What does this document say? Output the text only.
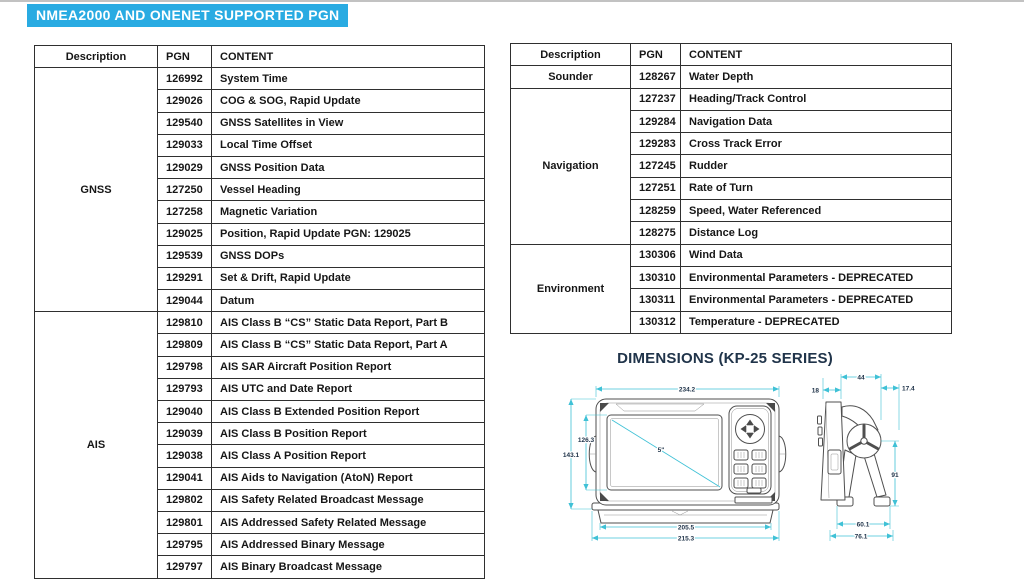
NMEA2000 AND ONENET SUPPORTED PGN
Description	PGN	CONTENT
GNSS	126992	System Time
	129026	COG & SOG, Rapid Update
	129540	GNSS Satellites in View
	129033	Local Time Offset
	129029	GNSS Position Data
	127250	Vessel Heading
	127258	Magnetic Variation
	129025	Position, Rapid Update PGN: 129025
	129539	GNSS DOPs
	129291	Set & Drift, Rapid Update
	129044	Datum
AIS	129810	AIS Class B “CS” Static Data Report, Part B
	129809	AIS Class B “CS” Static Data Report, Part A
	129798	AIS SAR Aircraft Position Report
	129793	AIS UTC and Date Report
	129040	AIS Class B Extended Position Report
	129039	AIS Class B Position Report
	129038	AIS Class A Position Report
	129041	AIS Aids to Navigation (AtoN) Report
	129802	AIS Safety Related Broadcast Message
	129801	AIS Addressed Safety Related Message
	129795	AIS Addressed Binary Message
	129797	AIS Binary Broadcast Message
Description	PGN	CONTENT
Sounder	128267	Water Depth
Navigation	127237	Heading/Track Control
	129284	Navigation Data
	129283	Cross Track Error
	127245	Rudder
	127251	Rate of Turn
	128259	Speed, Water Referenced
	128275	Distance Log
Environment	130306	Wind Data
	130310	Environmental Parameters - DEPRECATED
	130311	Environmental Parameters - DEPRECATED
	130312	Temperature - DEPRECATED
DIMENSIONS (KP-25 SERIES)
234.2
143.1
126.3
5"
205.5
215.3
18
44
17.4
91
60.1
76.1
